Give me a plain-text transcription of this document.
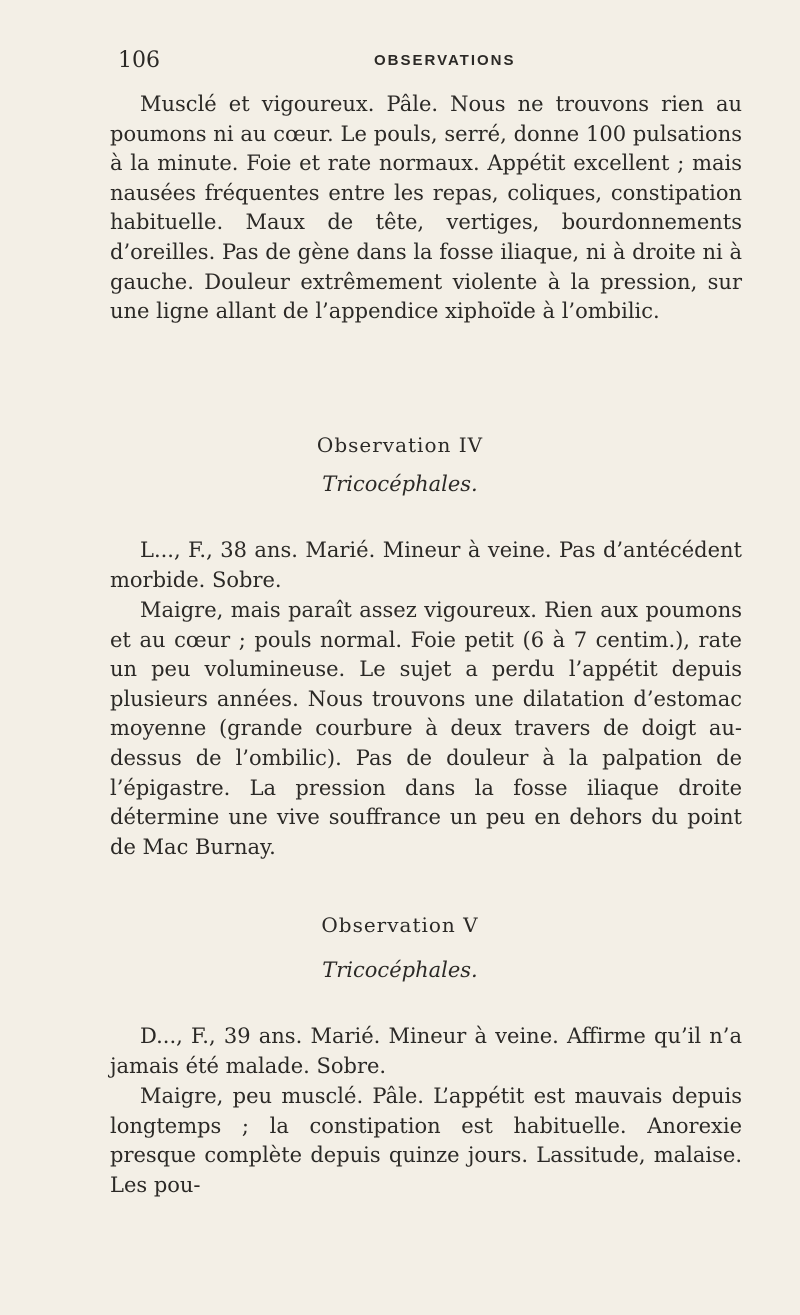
106	OBSERVATIONS

Musclé et vigoureux. Pâle. Nous ne trouvons rien au poumons ni au cœur. Le pouls, serré, donne 100 pulsations à la minute. Foie et rate normaux. Appétit excellent ; mais nausées fréquentes entre les repas, coliques, constipation habituelle. Maux de tête, vertiges, bourdonnements d’oreilles. Pas de gène dans la fosse iliaque, ni à droite ni à gauche. Douleur extrêmement violente à la pression, sur une ligne allant de l’appendice xiphoïde à l’ombilic.

Observation IV
Tricocéphales.

L..., F., 38 ans. Marié. Mineur à veine. Pas d’antécédent morbide. Sobre.

Maigre, mais paraît assez vigoureux. Rien aux poumons et au cœur ; pouls normal. Foie petit (6 à 7 centim.), rate un peu volumineuse. Le sujet a perdu l’appétit depuis plusieurs années. Nous trouvons une dilatation d’estomac moyenne (grande courbure à deux travers de doigt au-dessus de l’ombilic). Pas de douleur à la palpation de l’épigastre. La pression dans la fosse iliaque droite détermine une vive souffrance un peu en dehors du point de Mac Burnay.

Observation V
Tricocéphales.

D..., F., 39 ans. Marié. Mineur à veine. Affirme qu’il n’a jamais été malade. Sobre.

Maigre, peu musclé. Pâle. L’appétit est mauvais depuis longtemps ; la constipation est habituelle. Anorexie presque complète depuis quinze jours. Lassitude, malaise. Les pou-
